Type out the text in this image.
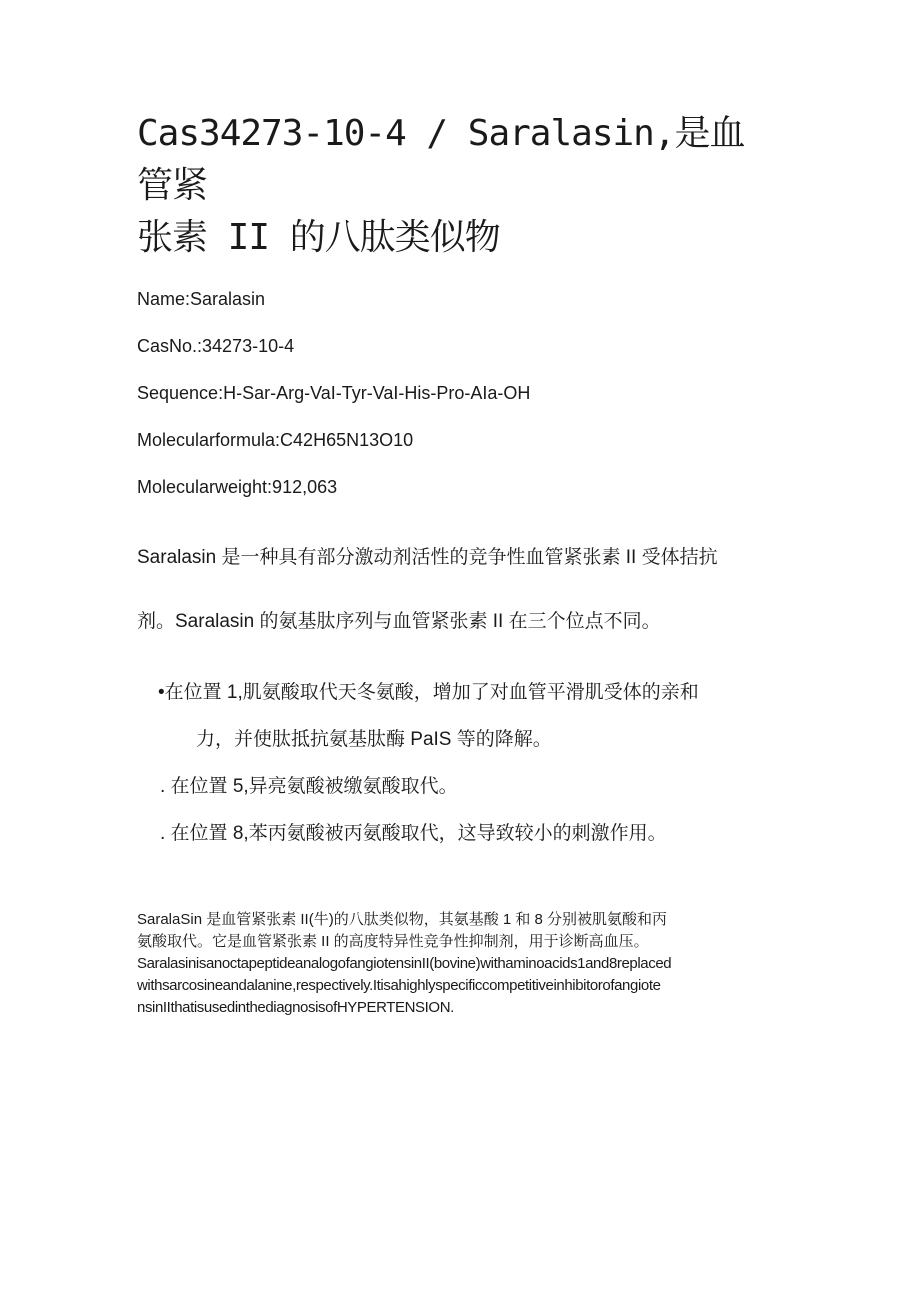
Cas34273-10-4 / Saralasin,是血管紧
张素 II 的八肽类似物
Name:Saralasin
CasNo.:34273-10-4
Sequence:H-Sar-Arg-VaI-Tyr-VaI-His-Pro-AIa-OH
Molecularformula:C42H65N13O10
Molecularweight:912,063
Saralasin 是一种具有部分激动剂活性的竞争性血管紧张素 II 受体拮抗
剂。Saralasin 的氨基肽序列与血管紧张素 II 在三个位点不同。
•在位置 1,肌氨酸取代天冬氨酸，增加了对血管平滑肌受体的亲和
力，并使肽抵抗氨基肽酶 PaIS 等的降解。
. 在位置 5,异亮氨酸被缴氨酸取代。
. 在位置 8,苯丙氨酸被丙氨酸取代，这导致较小的刺激作用。
SaralaSin 是血管紧张素 II(牛)的八肽类似物，其氨基酸 1 和 8 分别被肌氨酸和丙
氨酸取代。它是血管紧张素 II 的高度特异性竞争性抑制剂，用于诊断高血压。
SaralasinisanoctapeptideanalogofangiotensinII(bovine)withaminoacids1and8replaced
withsarcosineandalanine,respectively.Itisahighlyspecificcompetitiveinhibitorofangiote
nsinIIthatisusedinthediagnosisofHYPERTENSION.
